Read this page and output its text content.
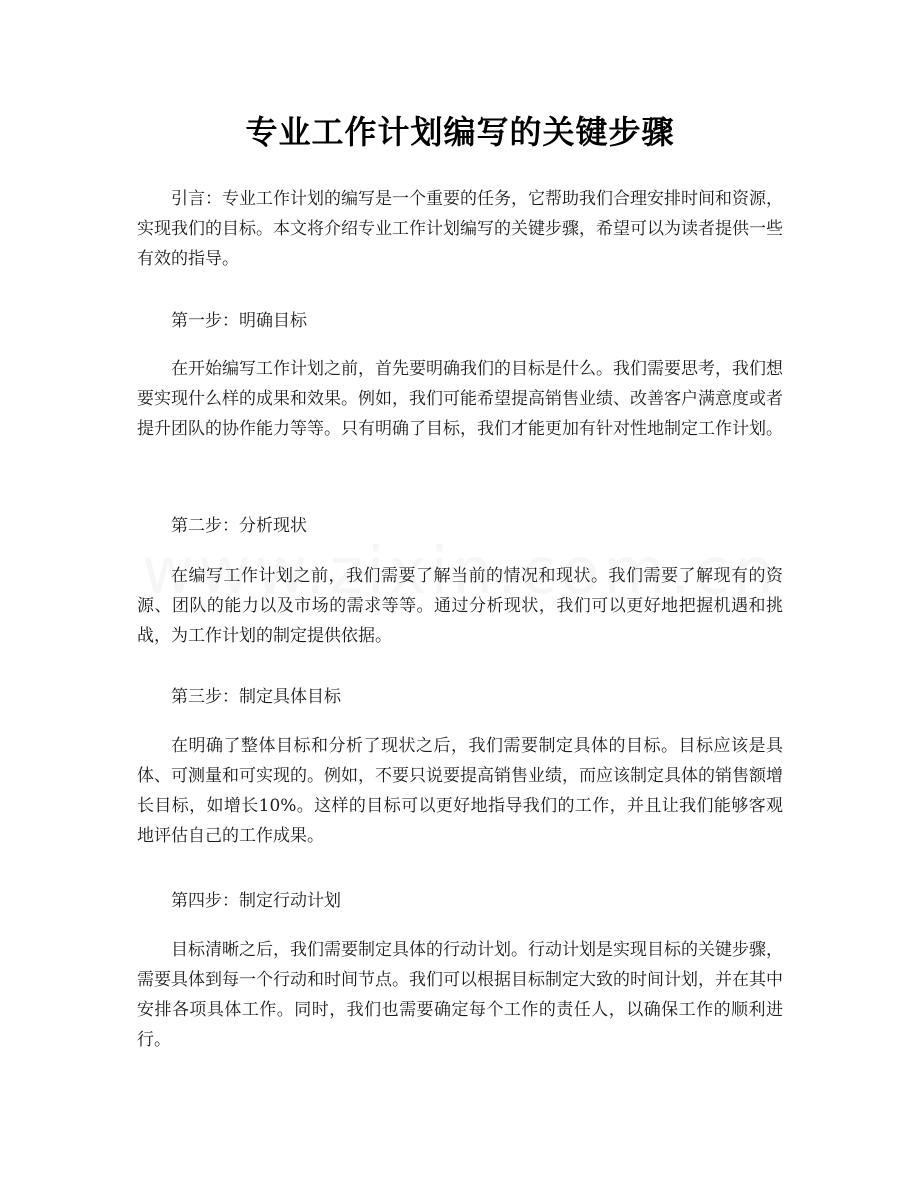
专业工作计划编写的关键步骤

引言：专业工作计划的编写是一个重要的任务，它帮助我们合理安排时间和资源，实现我们的目标。本文将介绍专业工作计划编写的关键步骤，希望可以为读者提供一些有效的指导。

第一步：明确目标

在开始编写工作计划之前，首先要明确我们的目标是什么。我们需要思考，我们想要实现什么样的成果和效果。例如，我们可能希望提高销售业绩、改善客户满意度或者提升团队的协作能力等等。只有明确了目标，我们才能更加有针对性地制定工作计划。

第二步：分析现状

在编写工作计划之前，我们需要了解当前的情况和现状。我们需要了解现有的资源、团队的能力以及市场的需求等等。通过分析现状，我们可以更好地把握机遇和挑战，为工作计划的制定提供依据。

第三步：制定具体目标

在明确了整体目标和分析了现状之后，我们需要制定具体的目标。目标应该是具体、可测量和可实现的。例如，不要只说要提高销售业绩，而应该制定具体的销售额增长目标，如增长10%。这样的目标可以更好地指导我们的工作，并且让我们能够客观地评估自己的工作成果。

第四步：制定行动计划

目标清晰之后，我们需要制定具体的行动计划。行动计划是实现目标的关键步骤，需要具体到每一个行动和时间节点。我们可以根据目标制定大致的时间计划，并在其中安排各项具体工作。同时，我们也需要确定每个工作的责任人，以确保工作的顺利进行。
